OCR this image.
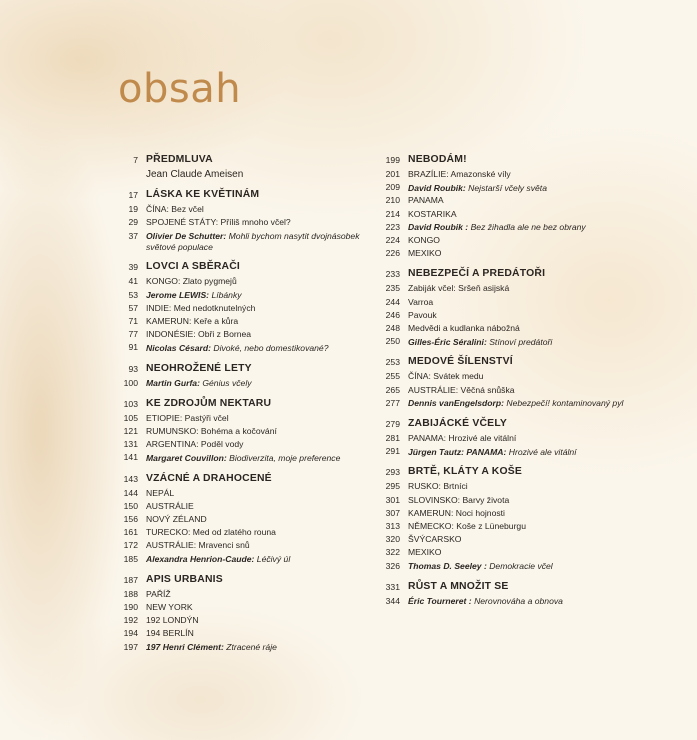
obsah
7 PŘEDMLUVA
Jean Claude Ameisen
17 LÁSKA KE KVĚTINÁM
19 ČÍNA: Bez včel
29 SPOJENÉ STÁTY: Příliš mnoho včel?
37 Olivier De Schutter: Mohli bychom nasytit dvojnásobek světové populace
39 LOVCI A SBĚRAČI
41 KONGO: Zlato pygmejů
53 Jerome LEWIS: Líbánky
57 INDIE: Med nedotknutelných
71 KAMERUN: Keře a kůra
77 INDONÉSIE: Obři z Bornea
91 Nicolas Césard: Divoké, nebo domestikované?
93 NEOHROŽENÉ LETY
100 Martin Gurfa: Génius včely
103 KE ZDROJŮM NEKTARU
105 ETIOPIE: Pastýři včel
121 RUMUNSKO: Bohéma a kočování
131 ARGENTINA: Poděl vody
141 Margaret Couvillon: Biodiverzita, moje preference
143 VZÁCNÉ A DRAHOCENÉ
144 NEPÁL
150 AUSTRÁLIE
156 NOVÝ ZÉLAND
161 TURECKO: Med od zlatého rouna
172 AUSTRÁLIE: Mravenci snů
185 Alexandra Henrion-Caude: Léčivý úl
187 APIS URBANIS
188 PAŘÍŽ
190 NEW YORK
192 192 LONDÝN
194 194 BERLÍN
197 197 Henri Clément: Ztracené ráje
199 NEBODÁM!
201 BRAZÍLIE: Amazonské víly
209 David Roubik: Nejstarší včely světa
210 PANAMA
214 KOSTARIKA
223 David Roubik : Bez žihadla ale ne bez obrany
224 KONGO
226 MEXIKO
233 NEBEZPEČÍ A PREDÁTOŘI
235 Zabiják včel: Sršeň asijská
244 Varroa
246 Pavouk
248 Medvědi a kudlanka nábožná
250 Gilles-Éric Séralini: Stínoví predátoři
253 MEDOVÉ ŠÍLENSTVÍ
255 ČÍNA: Svátek medu
265 AUSTRÁLIE: Věčná snůška
277 Dennis vanEngelsdorp: Nebezpečí! kontaminovaný pyl
279 ZABIJÁCKÉ VČELY
281 PANAMA: Hrozivé ale vitální
291 Jürgen Tautz: PANAMA: Hrozivé ale vitální
293 BRTĚ, KLÁTY A KOŠE
295 RUSKO: Brtníci
301 SLOVINSKO: Barvy života
307 KAMERUN: Noci hojnosti
313 NĚMECKO: Koše z Lüneburgu
320 ŠVÝCARSKO
322 MEXIKO
326 Thomas D. Seeley : Demokracie včel
331 RŮST A MNOŽIT SE
344 Éric Tourneret : Nerovnováha a obnova
